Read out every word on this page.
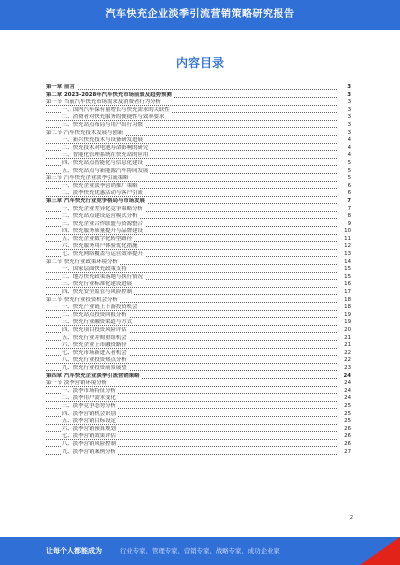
汽车快充企业淡季引流营销策略研究报告
内容目录
第一章 前言	3
第二章 2023-2028年汽车快充市场前景及趋势预测	3
第一节 当前汽车快充市场需求及消费者行为分析	3
一、国内汽车保有量增长与快充需求的关联性	3
二、消费者对快充服务的便捷性与效率要求	3
三、快充站点布局与用户出行习惯	3
第二节 汽车快充技术发展与创新	3
一、新兴快充技术与设备研发进展	4
二、快充技术对电池寿命影响的研究	4
三、智能化管理系统在快充站的应用	4
四、快充站点智能化与信息化建设	5
五、快充站点与新能源汽车协同发展	5
第三节 汽车快充企业淡季引流策略	5
一、快充企业淡季营销推广策略	6
二、淡季快充优惠活动与客户引流	6
第三章 汽车快充行业竞争格局与市场发展	7
一、快充企业差异化竞争策略分析	7
二、快充站点建设运营模式分析	8
三、快充企业合作联盟与资源整合	9
四、快充服务质量提升与品牌建设	10
五、快充企业数字化转型路径	11
六、快充服务用户体验优化措施	12
七、快充网络覆盖与运营效率提升	13
第二节 快充行业政策环境分析	14
一、国家层面快充政策支持	15
二、地方快充政策落地与执行情况	15
三、快充行业标准化建设进展	16
四、快充安全监管与风险控制	17
第三节 快充行业投资机会分析	18
一、快充产业链上下游投资机会	18
二、快充站点投资回报分析	19
三、快充行业融资渠道与方式	19
四、快充项目投资风险评估	20
五、快充行业并购重组机会	21
六、快充企业上市融资路径	21
七、快充市场新进入者机会	22
八、快充行业投资热点分析	22
九、快充行业投资前景展望	23
第四章 汽车快充企业淡季引流营销策略	24
第一节 淡季营销环境分析	24
一、淡季市场特征分析	24
二、淡季用户需求变化	24
三、淡季竞争态势分析	25
四、淡季营销机会识别	25
五、淡季营销目标设定	25
六、淡季营销预算规划	26
七、淡季营销效果评估	26
八、淡季营销风险控制	26
九、淡季营销案例分析	27
2
让每个人都能成为	行业专家、管理专家、营销专家、战略专家、成功企业家
